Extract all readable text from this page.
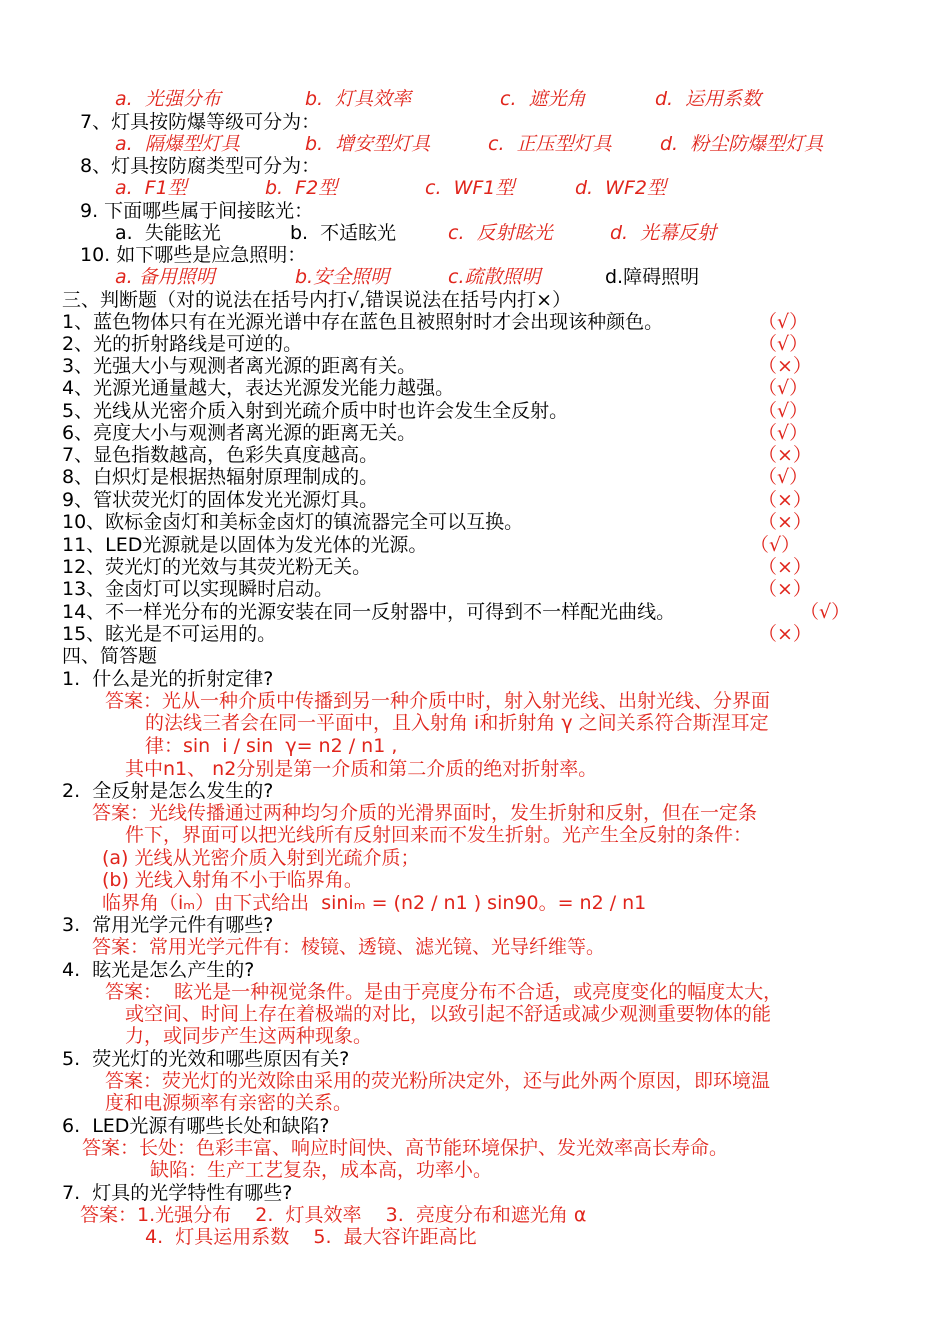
a.  光强分布	b.  灯具效率	c.  遮光角	d.  运用系数
7、灯具按防爆等级可分为：
a.  隔爆型灯具	b.  增安型灯具	c.  正压型灯具	d.  粉尘防爆型灯具
8、灯具按防腐类型可分为：
a.  F1型	b.  F2型	c.  WF1型	d.  WF2型
9. 下面哪些属于间接眩光：
a.  失能眩光	b.  不适眩光	c.  反射眩光	d.  光幕反射
10. 如下哪些是应急照明：
a. 备用照明	b.安全照明	c.疏散照明	d.障碍照明
三、判断题（对的说法在括号内打√,错误说法在括号内打×）
1、蓝色物体只有在光源光谱中存在蓝色且被照射时才会出现该种颜色。	（√）
2、光的折射路线是可逆的。	（√）
3、光强大小与观测者离光源的距离有关。	（×）
4、光源光通量越大，表达光源发光能力越强。	（√）
5、光线从光密介质入射到光疏介质中时也许会发生全反射。	（√）
6、亮度大小与观测者离光源的距离无关。	（√）
7、显色指数越高，色彩失真度越高。	（×）
8、白炽灯是根据热辐射原理制成的。	（√）
9、管状荧光灯的固体发光光源灯具。	（×）
10、欧标金卤灯和美标金卤灯的镇流器完全可以互换。	（×）
11、LED光源就是以固体为发光体的光源。	（√）
12、荧光灯的光效与其荧光粉无关。	（×）
13、金卤灯可以实现瞬时启动。	（×）
14、不一样光分布的光源安装在同一反射器中，可得到不一样配光曲线。	（√）
15、眩光是不可运用的。	（×）
四、简答题
1.  什么是光的折射定律?
答案：光从一种介质中传播到另一种介质中时，射入射光线、出射光线、分界面
的法线三者会在同一平面中，且入射角 i和折射角 γ 之间关系符合斯涅耳定
律：sin  i / sin  γ= n2 / n1 ,
其中n1、 n2分别是第一介质和第二介质的绝对折射率。
2.  全反射是怎么发生的?
答案：光线传播通过两种均匀介质的光滑界面时，发生折射和反射，但在一定条
件下，界面可以把光线所有反射回来而不发生折射。光产生全反射的条件：
(a) 光线从光密介质入射到光疏介质；
(b) 光线入射角不小于临界角。
临界角（iₘ）由下式给出  siniₘ = (n2 / n1 ) sin90。= n2 / n1
3.  常用光学元件有哪些?
答案：常用光学元件有：棱镜、透镜、滤光镜、光导纤维等。
4.  眩光是怎么产生的?
答案：  眩光是一种视觉条件。是由于亮度分布不合适，或亮度变化的幅度太大，
或空间、时间上存在着极端的对比，以致引起不舒适或减少观测重要物体的能
力，或同步产生这两种现象。
5.  荧光灯的光效和哪些原因有关?
答案：荧光灯的光效除由采用的荧光粉所决定外，还与此外两个原因，即环境温
度和电源频率有亲密的关系。
6.  LED光源有哪些长处和缺陷?
答案：长处：色彩丰富、响应时间快、高节能环境保护、发光效率高长寿命。
缺陷：生产工艺复杂，成本高，功率小。
7.  灯具的光学特性有哪些?
答案：1.光强分布    2.  灯具效率    3.  亮度分布和遮光角 α
4.  灯具运用系数    5.  最大容许距高比
